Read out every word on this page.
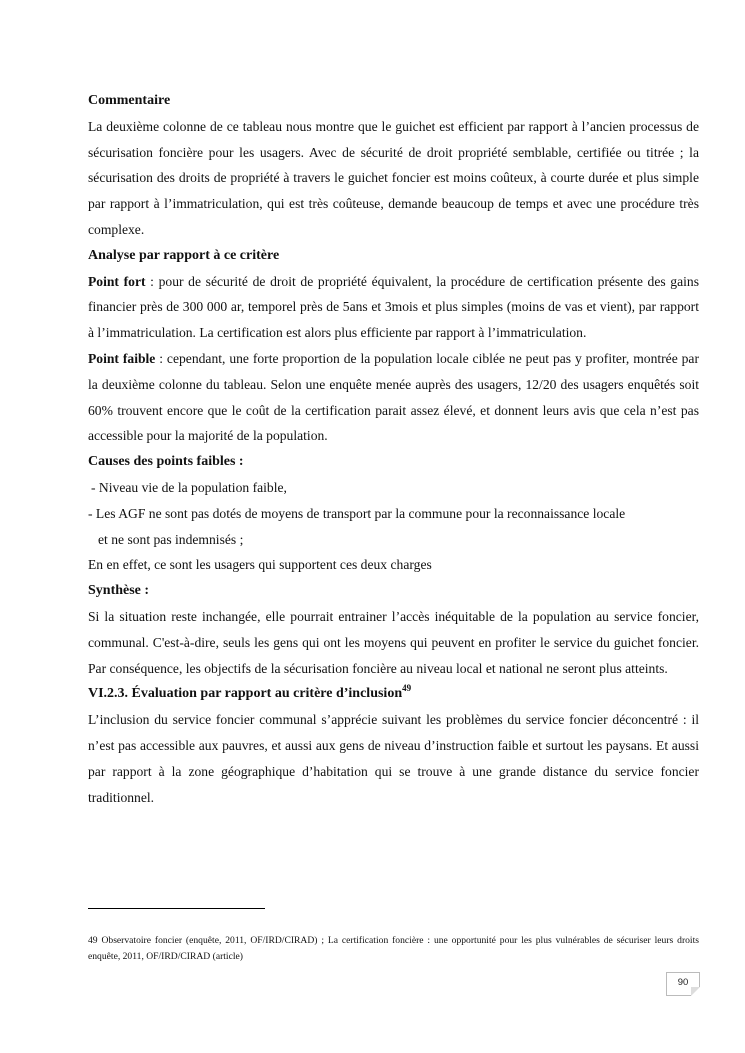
Commentaire

La deuxième colonne de ce tableau nous montre que le guichet est efficient par rapport à l’ancien processus de sécurisation foncière pour les usagers. Avec de sécurité de droit propriété semblable, certifiée ou titrée ; la sécurisation des droits de propriété à travers le guichet foncier est moins coûteux, à courte durée et plus simple par rapport à l’immatriculation, qui est très coûteuse, demande beaucoup de temps et avec une procédure très complexe.

Analyse par rapport à ce critère

Point fort : pour de sécurité de droit de propriété équivalent, la procédure de certification présente des gains financier près de 300 000 ar, temporel près de 5ans et 3mois et plus simples (moins de vas et vient), par rapport à l’immatriculation. La certification est alors plus efficiente par rapport à l’immatriculation.

Point faible : cependant, une forte proportion de la population locale ciblée ne peut pas y profiter, montrée par la deuxième colonne du tableau. Selon une enquête menée auprès des usagers, 12/20 des usagers enquêtés soit 60% trouvent encore que le coût de la certification parait assez élevé, et donnent leurs avis que cela n’est pas accessible pour la majorité de la population.

Causes des points faibles :

- Niveau vie de la population faible,

- Les AGF ne sont pas dotés de moyens de transport par la commune pour la reconnaissance locale

et ne sont pas indemnisés ;

En en effet, ce sont les usagers qui supportent ces deux charges

Synthèse :

Si la situation reste inchangée, elle pourrait entrainer l’accès inéquitable de la population au service foncier, communal. C'est-à-dire, seuls les gens qui ont les moyens qui peuvent en profiter le service du guichet foncier. Par conséquence, les objectifs de la sécurisation foncière au niveau local et national ne seront plus atteints.

VI.2.3. Évaluation par rapport au critère d’inclusion$^{49}$

L’inclusion du service foncier communal s’apprécie suivant les problèmes du service foncier déconcentré : il n’est pas accessible aux pauvres, et aussi aux gens de niveau d’instruction faible et surtout les paysans. Et aussi par rapport à la zone géographique d’habitation qui se trouve à une grande distance du service foncier traditionnel.

49 Observatoire foncier (enquête, 2011, OF/IRD/CIRAD) ; La certification foncière : une opportunité pour les plus vulnérables de sécuriser leurs droits enquête, 2011, OF/IRD/CIRAD (article)
90
